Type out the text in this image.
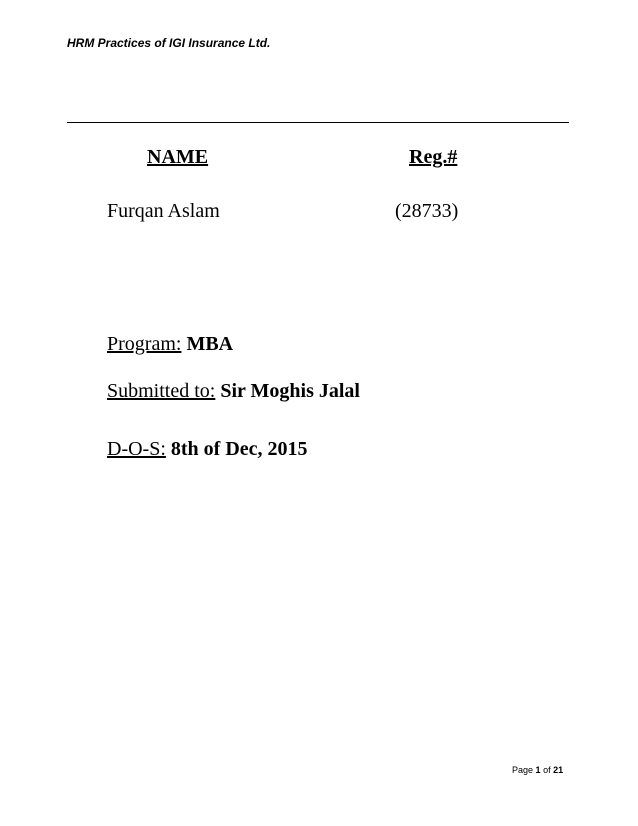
HRM Practices of IGI Insurance Ltd.
NAME	Reg.#
Furqan Aslam	(28733)
Program: MBA
Submitted to: Sir Moghis Jalal
D-O-S: 8th of Dec, 2015
Page 1 of 21
